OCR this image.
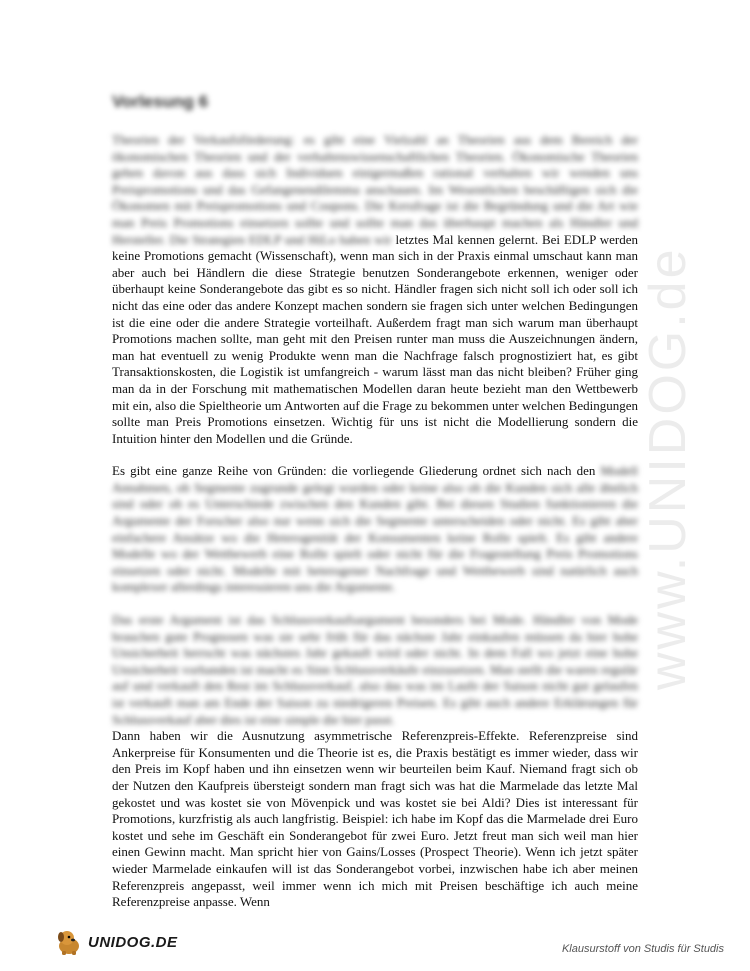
www.UNIDOG.de
Vorlesung 6

Theorien der Verkaufsförderung: es gibt eine Vielzahl an Theorien aus dem Bereich der ökonomischen Theorien und der verhaltenswissenschaftlichen Theorien. Ökonomische Theorien gehen davon aus dass sich Individuen einigermaßen rational verhalten wir wenden uns Preispromotions und das Gefangenendilemma anschauen. Im Wesentlichen beschäftigen sich die Ökonomen mit Preispromotions und Coupons. Die Kerufrage ist die Begründung und die Art wie man Preis Promotions einsetzen sollte und sollte man das überhaupt machen als Händler und Hersteller. Die Strategien EDLP und HiLo haben wir letztes Mal kennen gelernt. Bei EDLP werden keine Promotions gemacht (Wissenschaft), wenn man sich in der Praxis einmal umschaut kann man aber auch bei Händlern die diese Strategie benutzen Sonderangebote erkennen, weniger oder überhaupt keine Sonderangebote das gibt es so nicht. Händler fragen sich nicht soll ich oder soll ich nicht das eine oder das andere Konzept machen sondern sie fragen sich unter welchen Bedingungen ist die eine oder die andere Strategie vorteilhaft. Außerdem fragt man sich warum man überhaupt Promotions machen sollte, man geht mit den Preisen runter man muss die Auszeichnungen ändern, man hat eventuell zu wenig Produkte wenn man die Nachfrage falsch prognostiziert hat, es gibt Transaktionskosten, die Logistik ist umfangreich - warum lässt man das nicht bleiben? Früher ging man da in der Forschung mit mathematischen Modellen daran heute bezieht man den Wettbewerb mit ein, also die Spieltheorie um Antworten auf die Frage zu bekommen unter welchen Bedingungen sollte man Preis Promotions einsetzen. Wichtig für uns ist nicht die Modellierung sondern die Intuition hinter den Modellen und die Gründe.

Es gibt eine ganze Reihe von Gründen: die vorliegende Gliederung ordnet sich nach den Modell Annahmen, ob Segmente zugrunde gelegt wurden oder keine also ob die Kunden sich alle ähnlich sind oder ob es Unterschiede zwischen den Kunden gibt. Bei diesen Studien funktionieren die Argumente der Forscher also nur wenn sich die Segmente unterscheiden oder nicht. Es gibt aber einfachere Ansätze wo die Heterogenität der Konsumenten keine Rolle spielt. Es gibt andere Modelle wo der Wettbewerb eine Rolle spielt oder nicht für die Fragestellung Preis Promotions einsetzen oder nicht. Modelle mit heterogener Nachfrage und Wettbewerb sind natürlich auch komplexer allerdings interessieren uns die Argumente.

Das erste Argument ist das Schlussverkaufsargument besonders bei Mode. Händler von Mode brauchen gute Prognosen was sie sehr früh für das nächste Jahr einkaufen müssen da hier hohe Unsicherheit herrscht was nächstes Jahr gekauft wird oder nicht. In dem Fall wo jetzt eine hohe Unsicherheit vorhanden ist macht es Sinn Schlussverkäufe einzusetzen. Man stellt die waren regulär auf und verkauft den Rest im Schlussverkauf, also das was im Laufe der Saison nicht gut gelaufen ist verkauft man am Ende der Saison zu niedrigeren Preisen. Es gibt auch andere Erklärungen für Schlussverkauf aber dies ist eine simple die hier passt.

Dann haben wir die Ausnutzung asymmetrische Referenzpreis-Effekte. Referenzpreise sind Ankerpreise für Konsumenten und die Theorie ist es, die Praxis bestätigt es immer wieder, dass wir den Preis im Kopf haben und ihn einsetzen wenn wir beurteilen beim Kauf. Niemand fragt sich ob der Nutzen den Kaufpreis übersteigt sondern man fragt sich was hat die Marmelade das letzte Mal gekostet und was kostet sie von Mövenpick und was kostet sie bei Aldi? Dies ist interessant für Promotions, kurzfristig als auch langfristig. Beispiel: ich habe im Kopf das die Marmelade drei Euro kostet und sehe im Geschäft ein Sonderangebot für zwei Euro. Jetzt freut man sich weil man hier einen Gewinn macht. Man spricht hier von Gains/Losses (Prospect Theorie). Wenn ich jetzt später wieder Marmelade einkaufen will ist das Sonderangebot vorbei, inzwischen habe ich aber meinen Referenzpreis angepasst, weil immer wenn ich mich mit Preisen beschäftige ich auch meine Referenzpreise anpasse. Wenn

UNIDOG.DE	Klausurstoff von Studis für Studis
